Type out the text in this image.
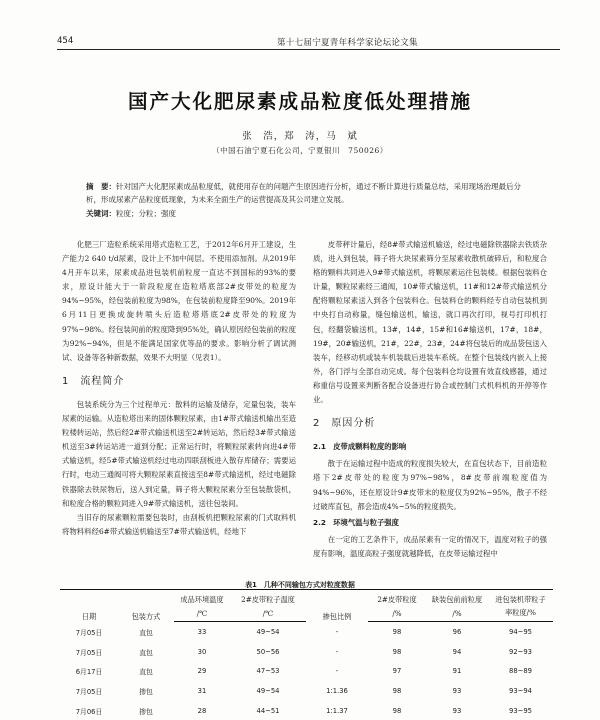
454	第十七届宁夏青年科学家论坛论文集
国产大化肥尿素成品粒度低处理措施
张　浩，郑　涛，马　斌
（中国石油宁夏石化公司，宁夏银川　750026）

摘　要：针对国产大化肥尿素成品粒度低，就使用存在的问题产生原因进行分析，通过不断计算进行质量总结，采用现场治理最后分析，形成尿素产品粒度低现象，为未来全面生产的运营提高及其公司建立发展。

关键词：粒度；分粒；强度

化肥三厂造粒系统采用塔式造粒工艺，于2012年6月开工建设，生产能力2 640 t/d尿素，设计上不加中间层。不使用添加剂。从2019年4月开车以来，尿素成品进包装机前粒度一直达不到国标的93%的要求，原设计能大于一阶段粒度在造粒塔底部2#皮带处的粒度为94%~95%，经包装前粒度为98%，在包装前粒度降至90%。2019年6月11日更换成旋转喷头后造粒塔塔底2#皮带处的粒度为97%~98%。经包装间前的粒度降到95%处，确认原因经包装前的粒度为92%~94%，但是不能满足国家优等品的要求。影响分析了调试测试、设备等各种新数据，效果不大明显（见表1）。

1　流程简介

包装系统分为三个过程单元：散料的运输及储存，定量包装，装车尿素的运输。从造粒塔出来的固体颗粒尿素，由1#带式输送机输出至造粒楼转运站，然后经2#带式输送机送至2#转运站，然后经3#带式输送机送至3#转运站进一道到分配；正常运行时，将颗粒尿素转向进4#带式输送机，经5#带式输送机经过电动四联刮板进入散存库储存；需要运行时，电动三通阀可将大颗粒尿素直接送至8#带式输送机，经过电磁除铁器除去铁尿物后，送入到定量，筛子将大颗粒尿素分至包装散袋机，和粒度合格的颗粒同进入9#带式输送机，送往包装间。

当旧存的尿素颗粒需要包装时，由刮板机把颗粒尿素的门式取料机将物料料经6#带式输送机输送至7#带式输送机，经地下

皮带秤计量后，经8#带式输送机输送，经过电磁除铁器除去铁质杂质，进入到包装，筛子将大块尿素筛分至尿素收散机破碎后，和粒度合格的颗料共同进入9#带式输送机，将颗尿素运往包装楼。根据包装料仓计量，颗粒尿素经三通阀，10#带式输送机，11#和12#带式输送机分配将颗粒尿素送入到各个包装料仓。包装料仓的颗料经专自动包装机到中央打自动称量，缝包输送机，输送，就口再次打印，视号打印机打包，经翻袋输送机，13#，14#，15#和16#输送机，17#，18#，19#，20#输送机，21#，22#，23#，24#将包装后的成品袋包送入装车，经移动机或装车机装载后进装车系统。在整个包装线内嵌入上接外，各门浮与全部自动完成。每个包装料仓均设置有效直线感器，通过称重信号设置来判断各配合设备进行协合或控制门式机料机的开停等作业。

2　原因分析
2.1　皮带成颗料粒度的影响

散于在运输过程中造成的粒度损失较大，在直包状态下，目前造粒塔下2#皮带处的粒度为97%~98%，8#皮带前端粒度值为94%~96%，还在原设计9#皮带末的粒度仅为92%~95%，散子不经过破库直包，都会造成4%~5%的粒度损失。

2.2　环境气温与粒子强度

在一定的工艺条件下，成品尿素有一定的情况下，温度对粒子的强度有影响，温度高粒子强度就越降低，在皮带运输过程中

表1　几种不同输包方式对粒度数据
日期	包装方式	成品环境温度	2#皮带粒子温度	掺包比例	2#皮带粒度	缺装包前前粒度	进包装机带粒子
		/℃	/℃		/%	/%	率粒度/%
7月05日	直包	33	49~54	-	98	96	94~95
7月05日	直包	30	50~56	-	98	94	92~93
6月17日	直包	29	47~53	-	97	91	88~89
7月05日	掺包	31	49~54	1:1.36	98	93	93~94
7月06日	掺包	28	44~51	1:1.37	98	93	93~95
